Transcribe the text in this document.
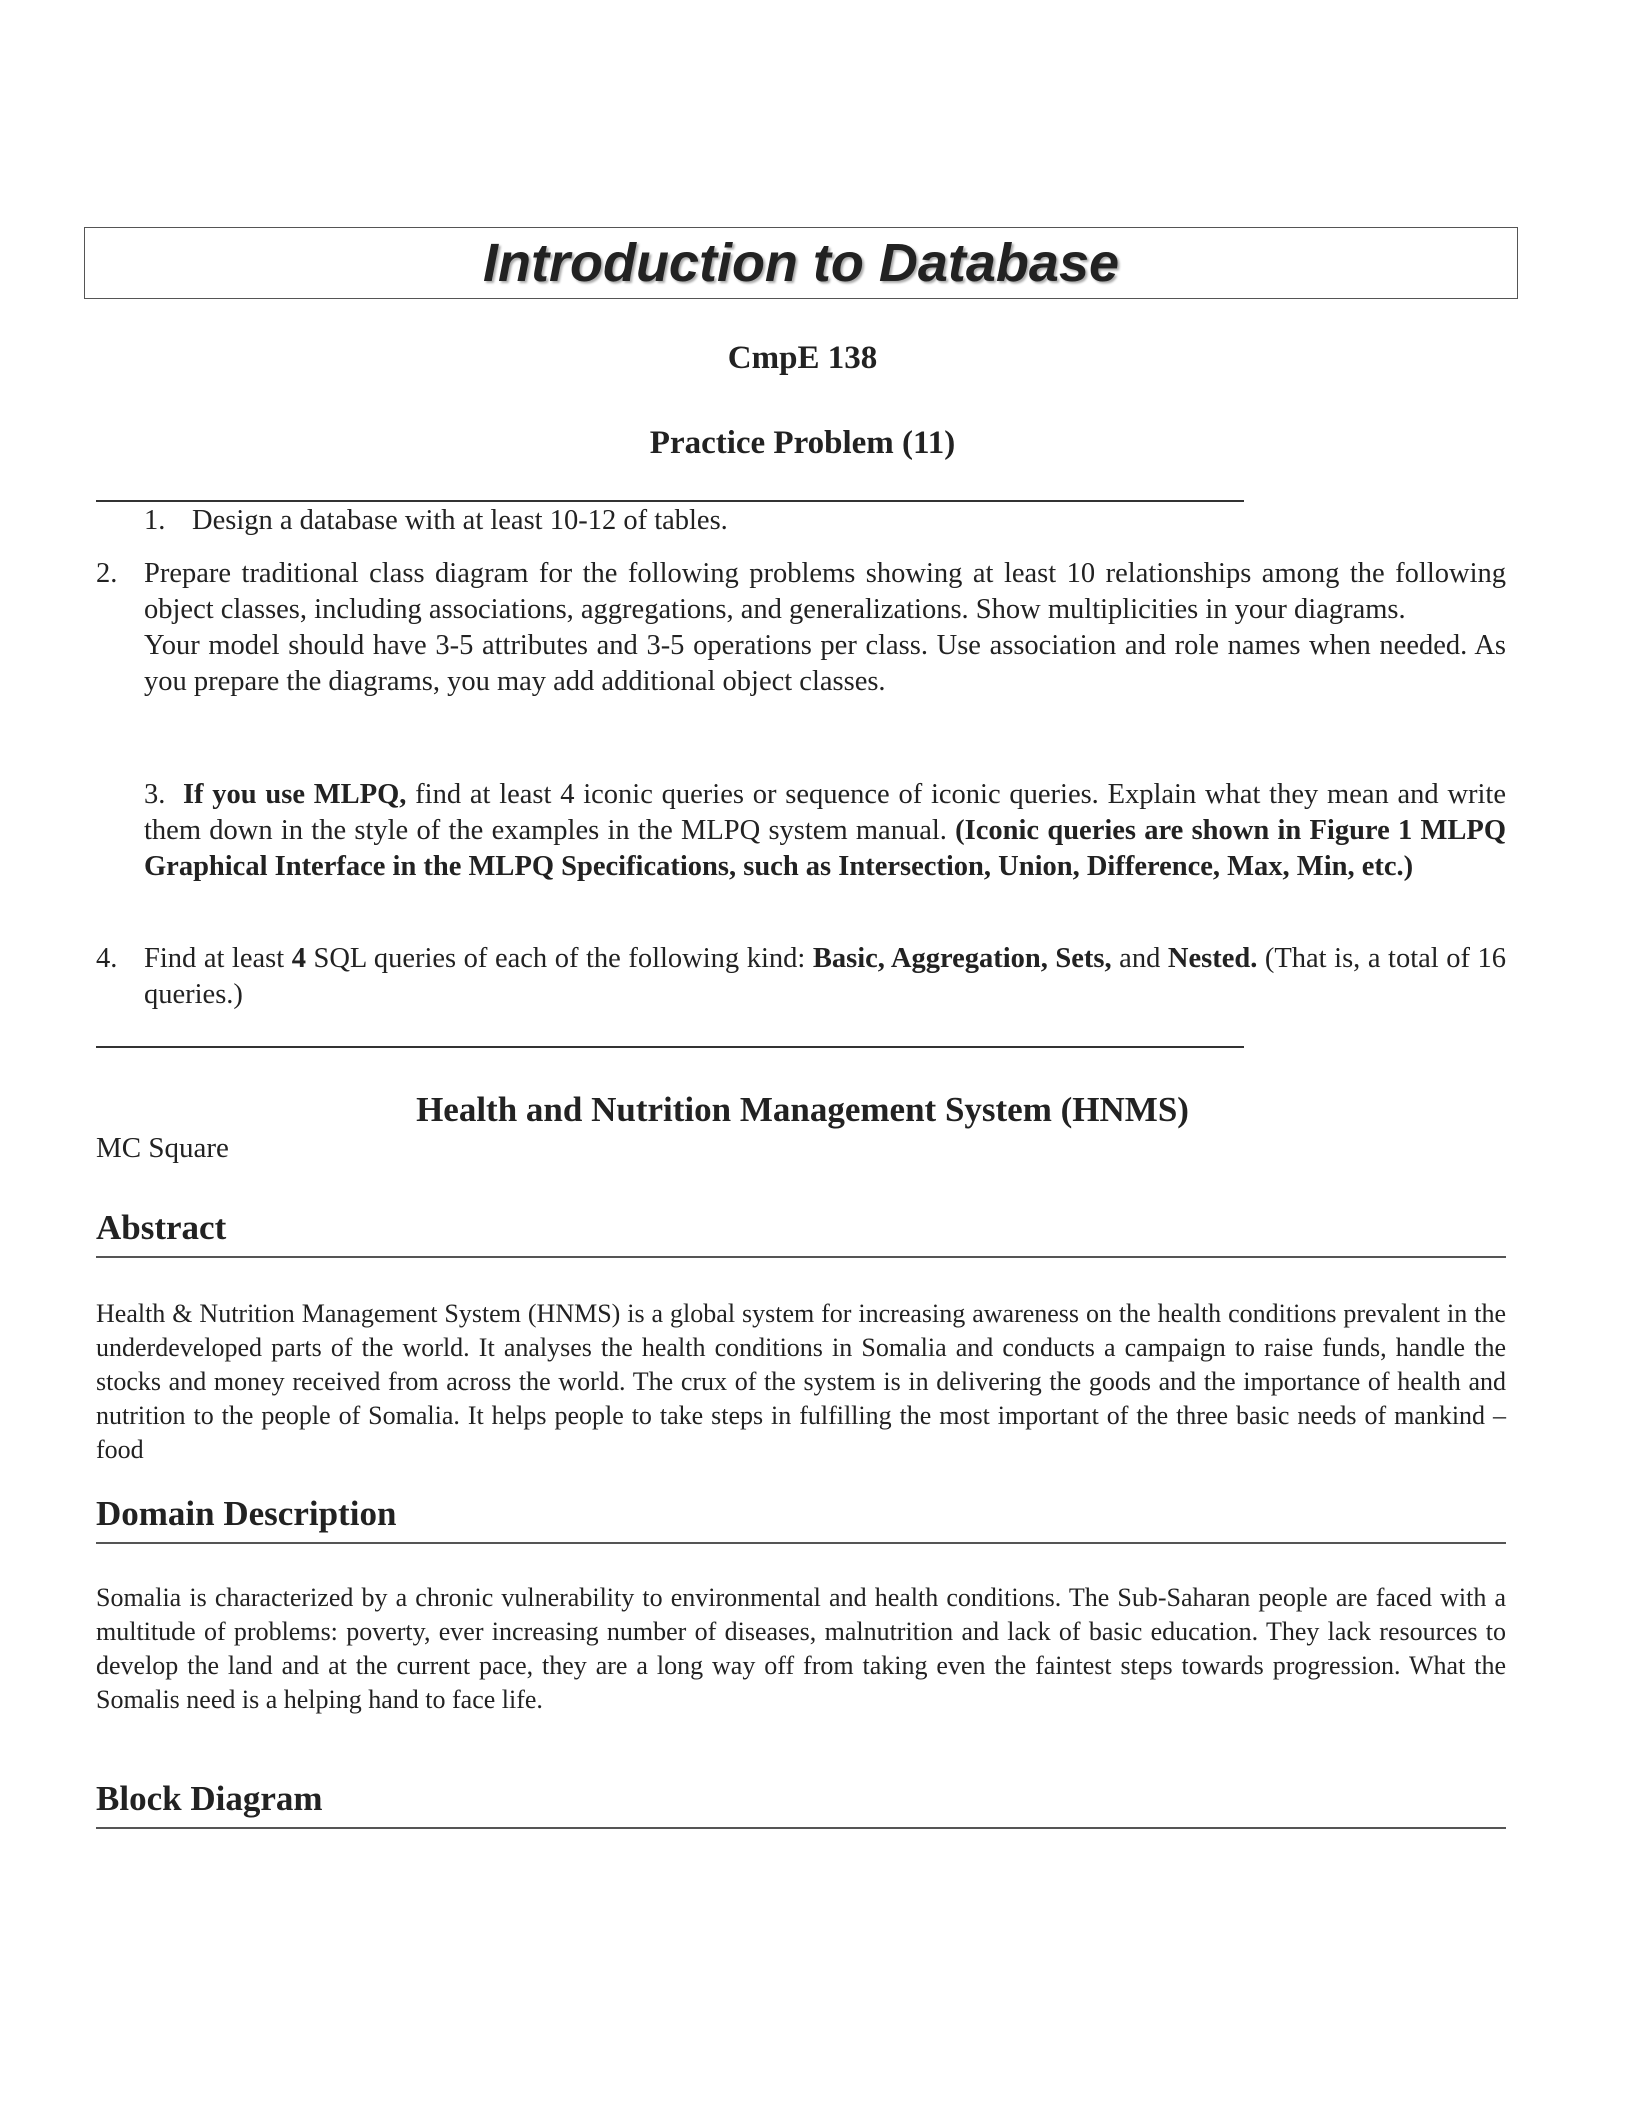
Introduction to Database
CmpE 138
Practice Problem (11)
1. Design a database with at least 10-12 of tables.
2. Prepare traditional class diagram for the following problems showing at least 10 relationships among the following object classes, including associations, aggregations, and generalizations. Show multiplicities in your diagrams.
Your model should have 3-5 attributes and 3-5 operations per class. Use association and role names when needed. As you prepare the diagrams, you may add additional object classes.
3. If you use MLPQ, find at least 4 iconic queries or sequence of iconic queries. Explain what they mean and write them down in the style of the examples in the MLPQ system manual. (Iconic queries are shown in Figure 1 MLPQ Graphical Interface in the MLPQ Specifications, such as Intersection, Union, Difference, Max, Min, etc.)
4. Find at least 4 SQL queries of each of the following kind: Basic, Aggregation, Sets, and Nested. (That is, a total of 16 queries.)
Health and Nutrition Management System (HNMS)
MC Square
Abstract
Health & Nutrition Management System (HNMS) is a global system for increasing awareness on the health conditions prevalent in the underdeveloped parts of the world. It analyses the health conditions in Somalia and conducts a campaign to raise funds, handle the stocks and money received from across the world. The crux of the system is in delivering the goods and the importance of health and nutrition to the people of Somalia. It helps people to take steps in fulfilling the most important of the three basic needs of mankind – food
Domain Description
Somalia is characterized by a chronic vulnerability to environmental and health conditions. The Sub-Saharan people are faced with a multitude of problems: poverty, ever increasing number of diseases, malnutrition and lack of basic education. They lack resources to develop the land and at the current pace, they are a long way off from taking even the faintest steps towards progression. What the Somalis need is a helping hand to face life.
Block Diagram
